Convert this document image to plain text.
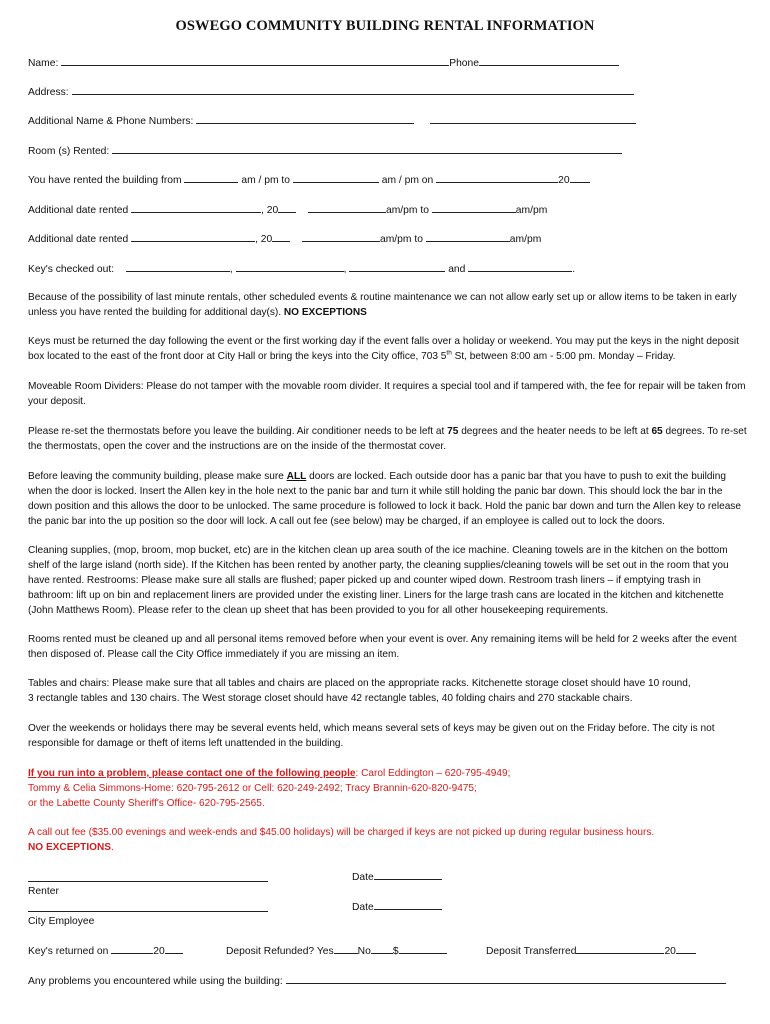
OSWEGO COMMUNITY BUILDING RENTAL INFORMATION
Name:	Phone
Address:
Additional Name & Phone Numbers:
Room (s) Rented:
You have rented the building from	am / pm to	am / pm on	20
Additional date rented	, 20	am/pm to	am/pm
Additional date rented	, 20	am/pm to	am/pm
Key's checked out:	,	,	and	.

Because of the possibility of last minute rentals, other scheduled events & routine maintenance we can not allow early set up or allow items to be taken in early unless you have rented the building for additional day(s). NO EXCEPTIONS

Keys must be returned the day following the event or the first working day if the event falls over a holiday or weekend. You may put the keys in the night deposit box located to the east of the front door at City Hall or bring the keys into the City office, 703 5th St, between 8:00 am - 5:00 pm. Monday – Friday.

Moveable Room Dividers: Please do not tamper with the movable room divider. It requires a special tool and if tampered with, the fee for repair will be taken from your deposit.

Please re-set the thermostats before you leave the building. Air conditioner needs to be left at 75 degrees and the heater needs to be left at 65 degrees. To re-set the thermostats, open the cover and the instructions are on the inside of the thermostat cover.

Before leaving the community building, please make sure ALL doors are locked. Each outside door has a panic bar that you have to push to exit the building when the door is locked. Insert the Allen key in the hole next to the panic bar and turn it while still holding the panic bar down. This should lock the bar in the down position and this allows the door to be unlocked. The same procedure is followed to lock it back. Hold the panic bar down and turn the Allen key to release the panic bar into the up position so the door will lock. A call out fee (see below) may be charged, if an employee is called out to lock the doors.

Cleaning supplies, (mop, broom, mop bucket, etc) are in the kitchen clean up area south of the ice machine. Cleaning towels are in the kitchen on the bottom shelf of the large island (north side). If the Kitchen has been rented by another party, the cleaning supplies/cleaning towels will be set out in the room that you have rented. Restrooms: Please make sure all stalls are flushed; paper picked up and counter wiped down. Restroom trash liners – if emptying trash in bathroom: lift up on bin and replacement liners are provided under the existing liner. Liners for the large trash cans are located in the kitchen and kitchenette (John Matthews Room). Please refer to the clean up sheet that has been provided to you for all other housekeeping requirements.

Rooms rented must be cleaned up and all personal items removed before when your event is over. Any remaining items will be held for 2 weeks after the event then disposed of. Please call the City Office immediately if you are missing an item.

Tables and chairs: Please make sure that all tables and chairs are placed on the appropriate racks. Kitchenette storage closet should have 10 round,

3 rectangle tables and 130 chairs. The West storage closet should have 42 rectangle tables, 40 folding chairs and 270 stackable chairs.

Over the weekends or holidays there may be several events held, which means several sets of keys may be given out on the Friday before. The city is not responsible for damage or theft of items left unattended in the building.

If you run into a problem, please contact one of the following people: Carol Eddington – 620-795-4949;

Tommy & Celia Simmons-Home: 620-795-2612 or Cell: 620-249-2492; Tracy Brannin-620-820-9475;

or the Labette County Sheriff's Office- 620-795-2565.

A call out fee ($35.00 evenings and week-ends and $45.00 holidays) will be charged if keys are not picked up during regular business hours.

NO EXCEPTIONS.

Date
Renter
Date
City Employee
Key's returned on	20	Deposit Refunded? Yes No $	Deposit Transferred	20
Any problems you encountered while using the building:
